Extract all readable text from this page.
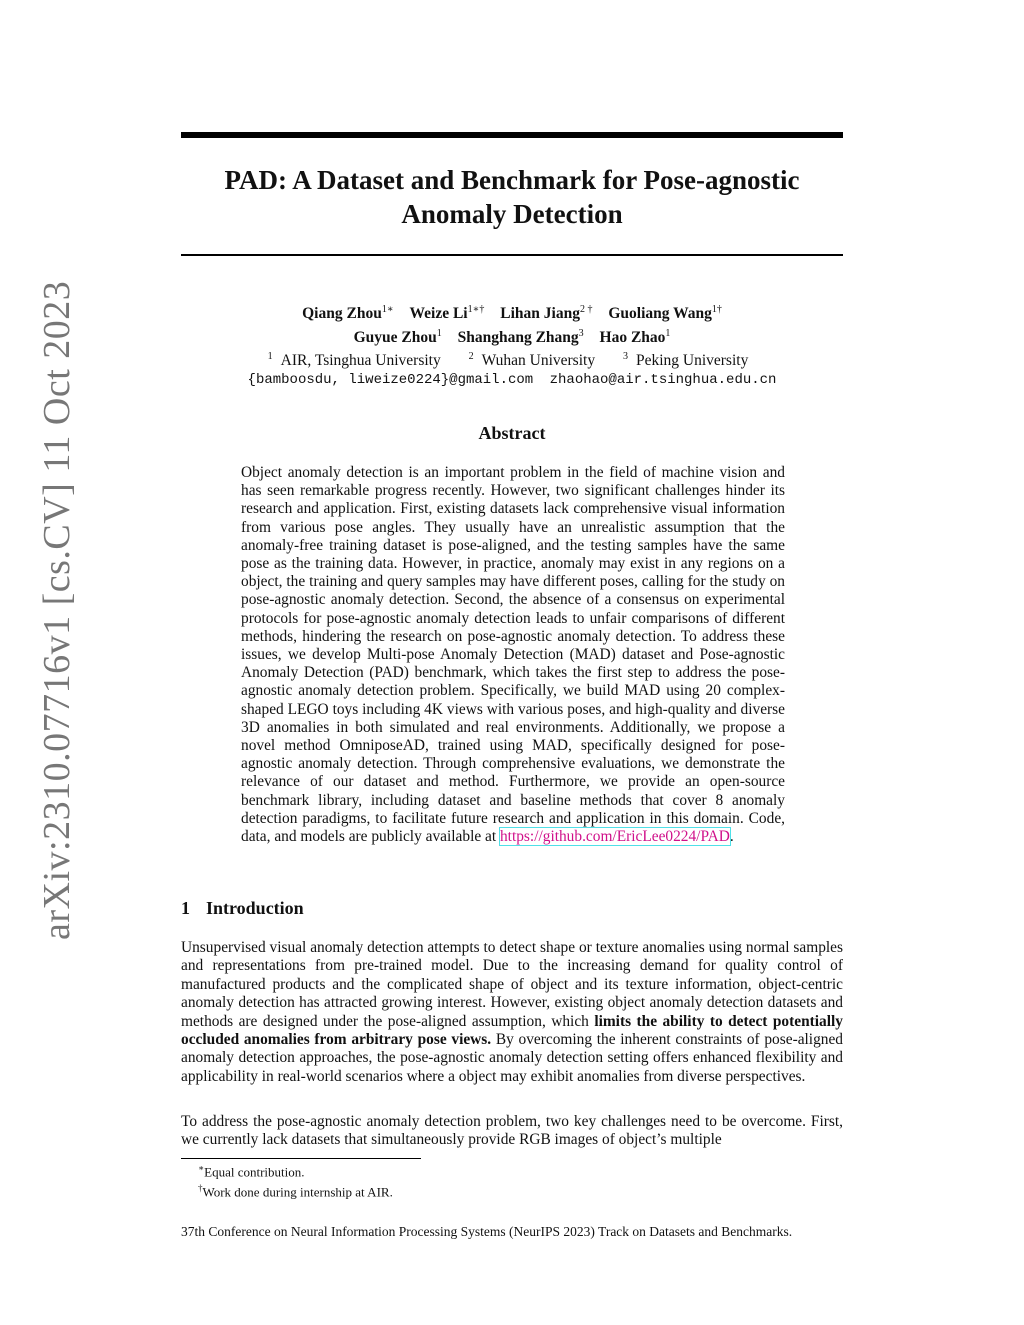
arXiv:2310.07716v1 [cs.CV] 11 Oct 2023
PAD: A Dataset and Benchmark for Pose-agnostic
Anomaly Detection
Qiang Zhou$^{1∗}$ Weize $Li^{1∗\dagger}$ Lihan Jiang$^{2 \dagger}$ Guoliang Wang$^{1\dagger}$
Guyue Zhou$^1$ Shanghang Zhang$^3$ Hao Zhao$^1$
$^1$ AIR, Tsinghua University	$^2$ Wuhan University	$^3$ Peking University
{bamboosdu, liweize0224}@gmail.com zhaohao@air.tsinghua.edu.cn
Abstract

Object anomaly detection is an important problem in the field of machine vision and has seen remarkable progress recently. However, two significant challenges hinder its research and application. First, existing datasets lack comprehensive visual information from various pose angles. They usually have an unrealistic assumption that the anomaly-free training dataset is pose-aligned, and the testing samples have the same pose as the training data. However, in practice, anomaly may exist in any regions on a object, the training and query samples may have different poses, calling for the study on pose-agnostic anomaly detection. Second, the absence of a consensus on experimental protocols for pose-agnostic anomaly detection leads to unfair comparisons of different methods, hindering the research on pose-agnostic anomaly detection. To address these issues, we develop Multi-pose Anomaly Detection (MAD) dataset and Pose-agnostic Anomaly Detection (PAD) benchmark, which takes the first step to address the pose-agnostic anomaly detection problem. Specifically, we build MAD using 20 complex-shaped LEGO toys including 4K views with various poses, and high-quality and diverse 3D anomalies in both simulated and real environments. Additionally, we propose a novel method OmniposeAD, trained using MAD, specifically designed for pose-agnostic anomaly detection. Through comprehensive evaluations, we demonstrate the relevance of our dataset and method. Furthermore, we provide an open-source benchmark library, including dataset and baseline methods that cover 8 anomaly detection paradigms, to facilitate future research and application in this domain. Code, data, and models are publicly available at https://github.com/EricLee0224/PAD.

1 Introduction

Unsupervised visual anomaly detection attempts to detect shape or texture anomalies using normal samples and representations from pre-trained model. Due to the increasing demand for quality control of manufactured products and the complicated shape of object and its texture information, object-centric anomaly detection has attracted growing interest. However, existing object anomaly detection datasets and methods are designed under the pose-aligned assumption, which limits the ability to detect potentially occluded anomalies from arbitrary pose views. By overcoming the inherent constraints of pose-aligned anomaly detection approaches, the pose-agnostic anomaly detection setting offers enhanced flexibility and applicability in real-world scenarios where a object may exhibit anomalies from diverse perspectives.

To address the pose-agnostic anomaly detection problem, two key challenges need to be overcome. First, we currently lack datasets that simultaneously provide RGB images of object’s multiple

∗Equal contribution.
†Work done during internship at AIR.
37th Conference on Neural Information Processing Systems (NeurIPS 2023) Track on Datasets and Benchmarks.
